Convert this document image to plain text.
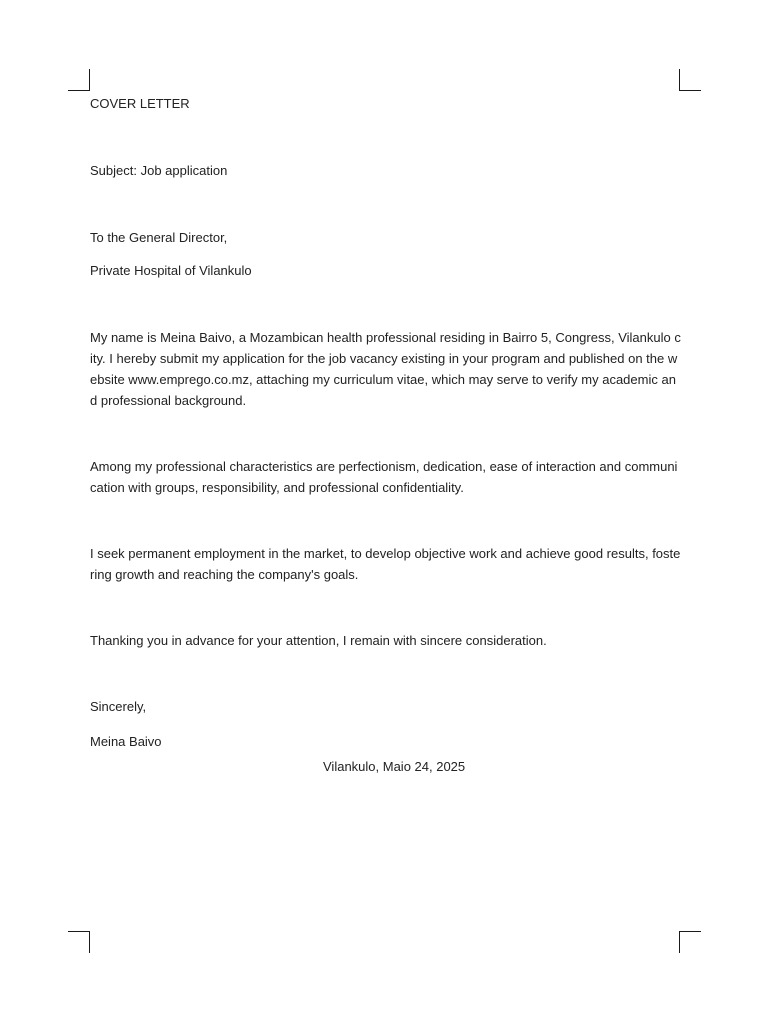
COVER LETTER

Subject: Job application

To the General Director,

Private Hospital of Vilankulo

My name is Meina Baivo, a Mozambican health professional residing in Bairro 5, Congress, Vilankulo city. I hereby submit my application for the job vacancy existing in your program and published on the website www.emprego.co.mz, attaching my curriculum vitae, which may serve to verify my academic and professional background.

Among my professional characteristics are perfectionism, dedication, ease of interaction and communication with groups, responsibility, and professional confidentiality.

I seek permanent employment in the market, to develop objective work and achieve good results, fostering growth and reaching the company's goals.

Thanking you in advance for your attention, I remain with sincere consideration.

Sincerely,

Meina Baivo

Vilankulo, Maio 24, 2025
